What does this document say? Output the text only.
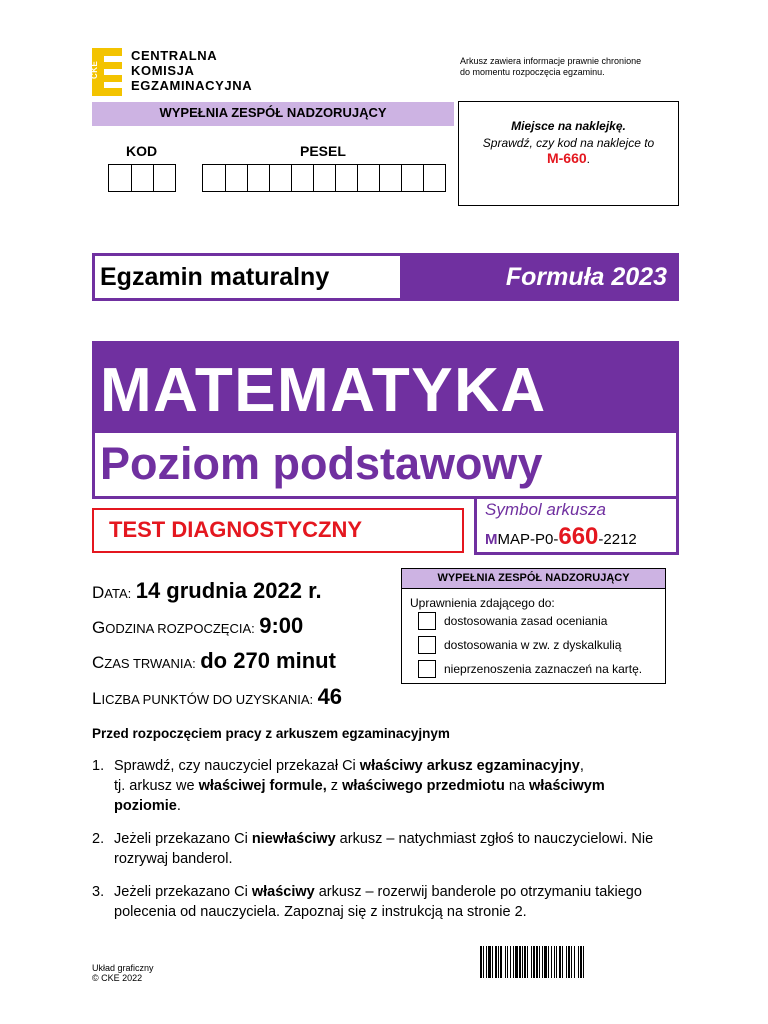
CKE
CENTRALNA
KOMISJA
EGZAMINACYJNA
Arkusz zawiera informacje prawnie chronione
do momentu rozpoczęcia egzaminu.
WYPEŁNIA ZESPÓŁ NADZORUJĄCY
KOD	PESEL
Miejsce na naklejkę.
Sprawdź, czy kod na naklejce to
M-660.
Egzamin maturalny	Formuła 2023
MATEMATYKA
Poziom podstawowy
Symbol arkusza
MMAP-P0-660-2212
TEST DIAGNOSTYCZNY
DATA: 14 grudnia 2022 r.
GODZINA ROZPOCZĘCIA: 9:00
CZAS TRWANIA: do 270 minut
LICZBA PUNKTÓW DO UZYSKANIA: 46
WYPEŁNIA ZESPÓŁ NADZORUJĄCY
Uprawnienia zdającego do:
dostosowania zasad oceniania
dostosowania w zw. z dyskalkulią
nieprzenoszenia zaznaczeń na kartę.
Przed rozpoczęciem pracy z arkuszem egzaminacyjnym
1. Sprawdź, czy nauczyciel przekazał Ci właściwy arkusz egzaminacyjny,
tj. arkusz we właściwej formule, z właściwego przedmiotu na właściwym poziomie.
2. Jeżeli przekazano Ci niewłaściwy arkusz – natychmiast zgłoś to nauczycielowi. Nie rozrywaj banderol.
3. Jeżeli przekazano Ci właściwy arkusz – rozerwij banderole po otrzymaniu takiego polecenia od nauczyciela. Zapoznaj się z instrukcją na stronie 2.
Układ graficzny
© CKE 2022
